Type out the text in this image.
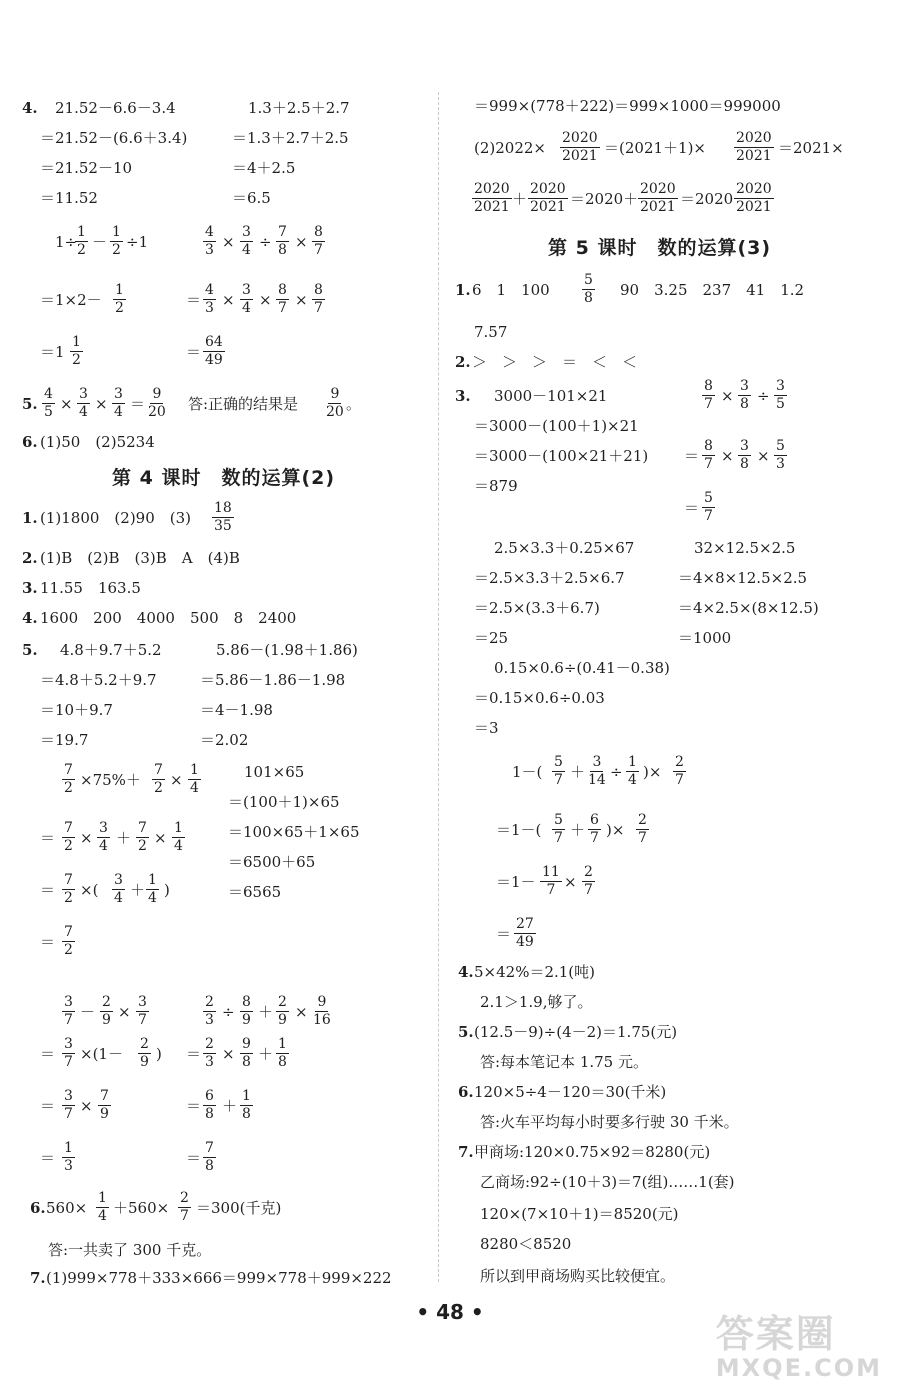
4. 21.52－6.6－3.4
＝21.52－(6.6＋3.4)
＝21.52－10
＝11.52
1.3＋2.5＋2.7
＝1.3＋2.7＋2.5
＝4＋2.5
＝6.5
1÷
$\frac{1}{2} - \frac{1}{2} \div 1$
$=1\times 2- \frac{1}{2}$
$=1 \frac{1}{2}$
$\frac{4}{3} \times \frac{3}{4} \div \frac{7}{8} \times \frac{8}{7}$
＝ $\frac{4}{3} \times \frac{3}{4} \times \frac{8}{7} \times \frac{8}{7}$
＝ $\frac{64}{49}$
5. $\frac{4}{5} \times \frac{3}{4} \times \frac{3}{4} = \frac{9}{20}$ 答:正确的结果是 $\frac{9}{20}$ 。
6. (1)50　(2)5234
第 4 课时　数的运算(2)
1. (1)1800　(2)90　$(3) \frac{18}{35}$
2. (1)B　(2)B　(3)B　A　(4)B
3. 11.55　163.5
4. 1600　200　4000　500　8　2400
5. 4.8＋9.7＋5.2
＝4.8＋5.2＋9.7
＝10＋9.7
＝19.7
5.86－(1.98＋1.86)
＝5.86－1.86－1.98
＝4－1.98
＝2.02
101×65
＝(100＋1)×65
＝100×65＋1×65
＝6500＋65
＝6565
$\frac{7}{2} \times 75\%+ \frac{7}{2} \times \frac{1}{4}$
＝ $\frac{7}{2} \times \frac{3}{4} + \frac{7}{2} \times \frac{1}{4}$
＝ $\frac{7}{2}$ ×( $\frac{3}{4} + \frac{1}{4}$ )
＝ $\frac{7}{2}$
$\frac{3}{7} - \frac{2}{9} \times \frac{3}{7}$
＝ $\frac{3}{7} \times(1- \frac{2}{9}$ )
＝ $\frac{3}{7} \times \frac{7}{9}$
＝ $\frac{1}{3}$
$\frac{2}{3} \div \frac{8}{9} + \frac{2}{9} \times \frac{9}{16}$
＝ $\frac{2}{3} \times \frac{9}{8} + \frac{1}{8}$
＝ $\frac{6}{8} + \frac{1}{8}$
＝ $\frac{7}{8}$
6. $560\times \frac{1}{4} +560\times \frac{2}{7} =300$(千克)
答:一共卖了 300 千克。
7. (1)999×778＋333×666＝999×778＋999×222
＝999×(778＋222)＝999×1000＝999000
$(2)2022\times \frac{2020}{2021} =(2021+1)\times \frac{2020}{2021} =2021\times$
$\frac{2020}{2021} + \frac{2020}{2021} =2020+ \frac{2020}{2021} =2020 \frac{2020}{2021}$
第 5 课时　数的运算(3)
1. 6　1　$100 \frac{5}{8} 90$　3.25　237　41　1.2
7.57
2. ＞　＞　＞　＝　＜　＜
3. 3000－101×21
＝3000－(100＋1)×21
＝3000－(100×21＋21)
＝879
$\frac{8}{7} \times \frac{3}{8} \div \frac{3}{5}$
＝ $\frac{8}{7} \times \frac{3}{8} \times \frac{5}{3}$
＝ $\frac{5}{7}$
2.5×3.3＋0.25×67
＝2.5×3.3＋2.5×6.7
＝2.5×(3.3＋6.7)
＝25
32×12.5×2.5
＝4×8×12.5×2.5
＝4×2.5×(8×12.5)
＝1000
0.15×0.6÷(0.41－0.38)
＝0.15×0.6÷0.03
＝3
$1-( \frac{5}{7} + \frac{3}{14} \div \frac{1}{4}$ )× $\frac{2}{7}$
$=1-( \frac{5}{7} + \frac{6}{7}$ )× $\frac{2}{7}$
$=1- \frac{11}{7} \times \frac{2}{7}$
＝ $\frac{27}{49}$
4. 5×42%＝2.1(吨)
2.1＞1.9,够了。
5. (12.5－9)÷(4－2)＝1.75(元)
答:每本笔记本 1.75 元。
6. 120×5÷4－120＝30(千米)
答:火车平均每小时要多行驶 30 千米。
7. 甲商场:120×0.75×92＝8280(元)
乙商场:92÷(10＋3)＝7(组)……1(套)
120×(7×10＋1)＝8520(元)
8280＜8520
所以到甲商场购买比较便宜。
• 48 •	答案圈
MXQE.COM
